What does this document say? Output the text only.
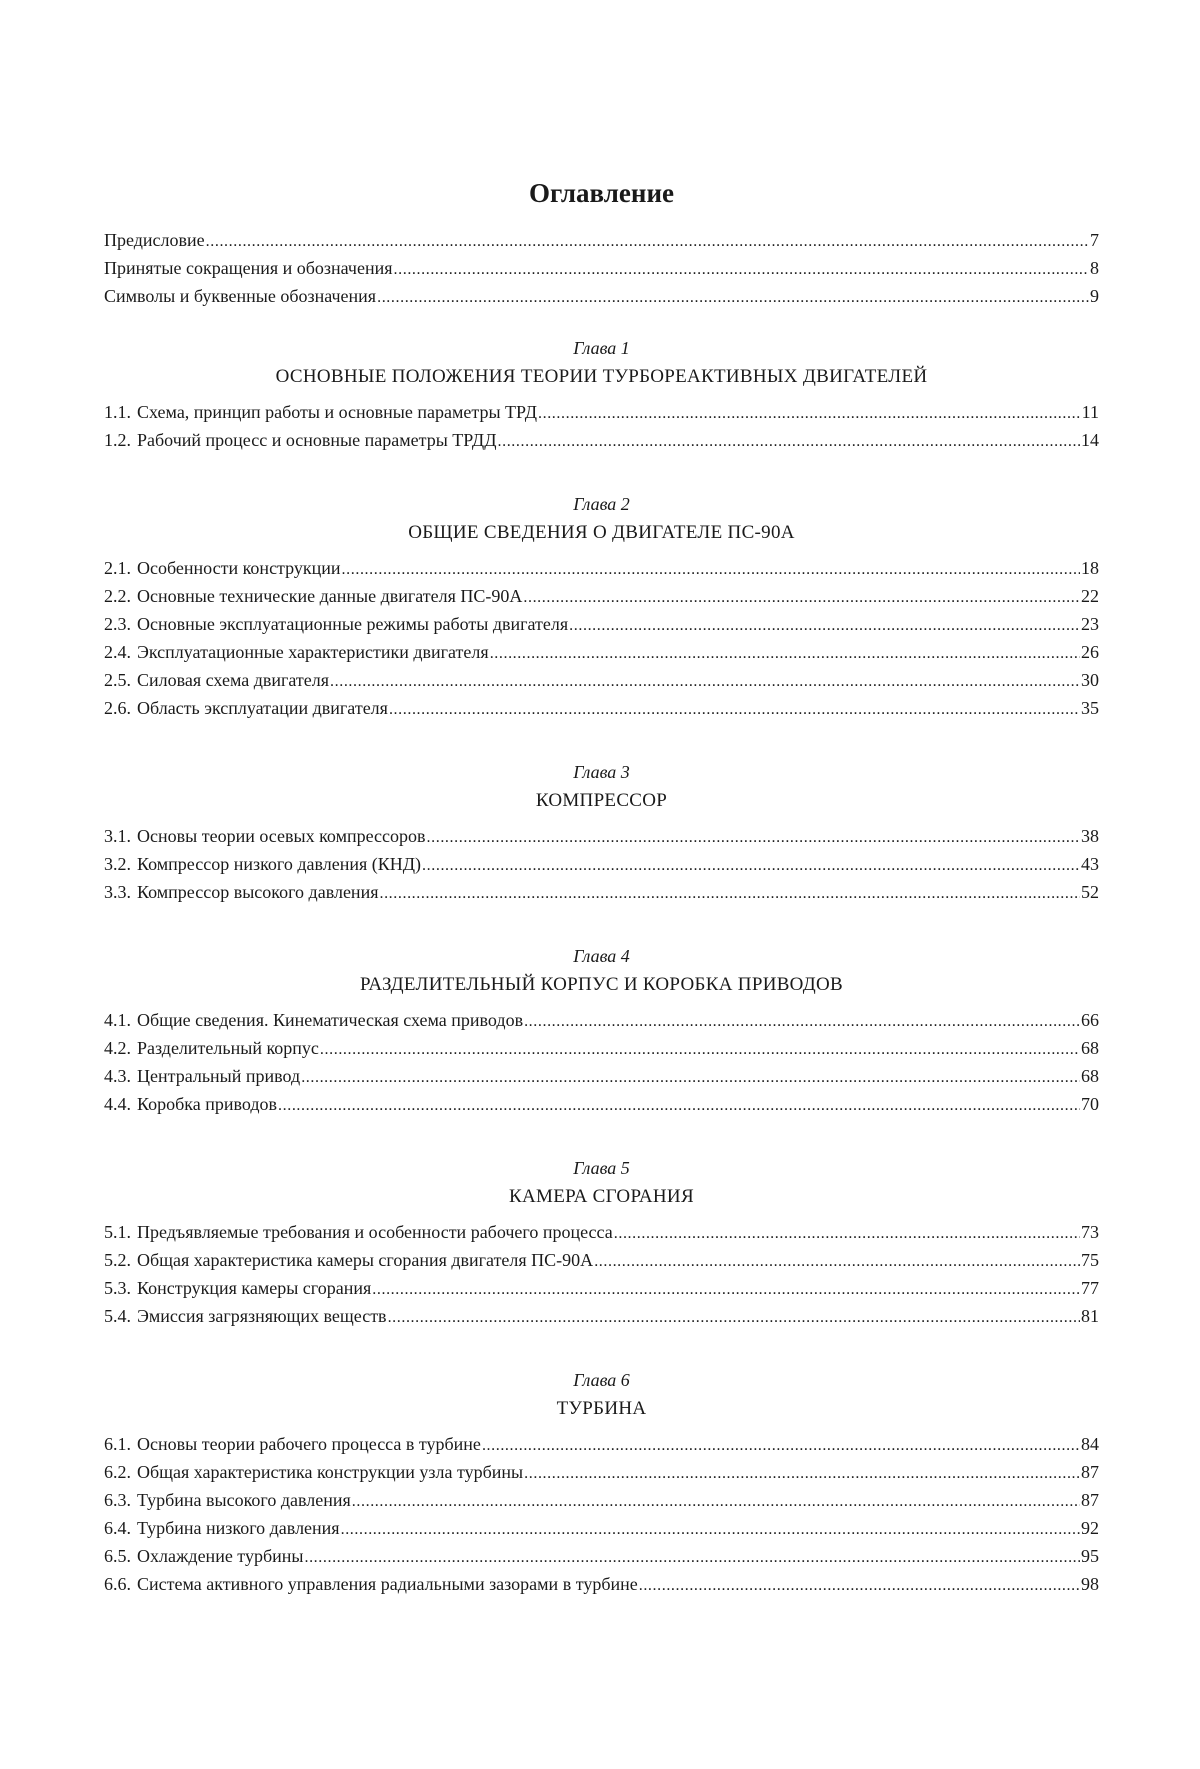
Оглавление
Предисловие .....	7
Принятые сокращения и обозначения .....	8
Символы и буквенные обозначения .....	9

Глава 1

ОСНОВНЫЕ ПОЛОЖЕНИЯ ТЕОРИИ ТУРБОРЕАКТИВНЫХ ДВИГАТЕЛЕЙ

1.1. Схема, принцип работы и основные параметры ТРД .....	11
1.2. Рабочий процесс и основные параметры ТРДД .....	14

Глава 2

ОБЩИЕ СВЕДЕНИЯ О ДВИГАТЕЛЕ ПС-90А

2.1. Особенности конструкции .....	18
2.2. Основные технические данные двигателя ПС-90А .....	22
2.3. Основные эксплуатационные режимы работы двигателя .....	23
2.4. Эксплуатационные характеристики двигателя .....	26
2.5. Силовая схема двигателя .....	30
2.6. Область эксплуатации двигателя .....	35

Глава 3

КОМПРЕССОР

3.1. Основы теории осевых компрессоров .....	38
3.2. Компрессор низкого давления (КНД) .....	43
3.3. Компрессор высокого давления .....	52

Глава 4

РАЗДЕЛИТЕЛЬНЫЙ КОРПУС И КОРОБКА ПРИВОДОВ

4.1. Общие сведения. Кинематическая схема приводов .....	66
4.2. Разделительный корпус .....	68
4.3. Центральный привод .....	68
4.4. Коробка приводов .....	70

Глава 5

КАМЕРА СГОРАНИЯ

5.1. Предъявляемые требования и особенности рабочего процесса .....	73
5.2. Общая характеристика камеры сгорания двигателя ПС-90А .....	75
5.3. Конструкция камеры сгорания .....	77
5.4. Эмиссия загрязняющих веществ .....	81

Глава 6

ТУРБИНА

6.1. Основы теории рабочего процесса в турбине .....	84
6.2. Общая характеристика конструкции узла турбины .....	87
6.3. Турбина высокого давления .....	87
6.4. Турбина низкого давления .....	92
6.5. Охлаждение турбины .....	95
6.6. Система активного управления радиальными зазорами в турбине .....	98
